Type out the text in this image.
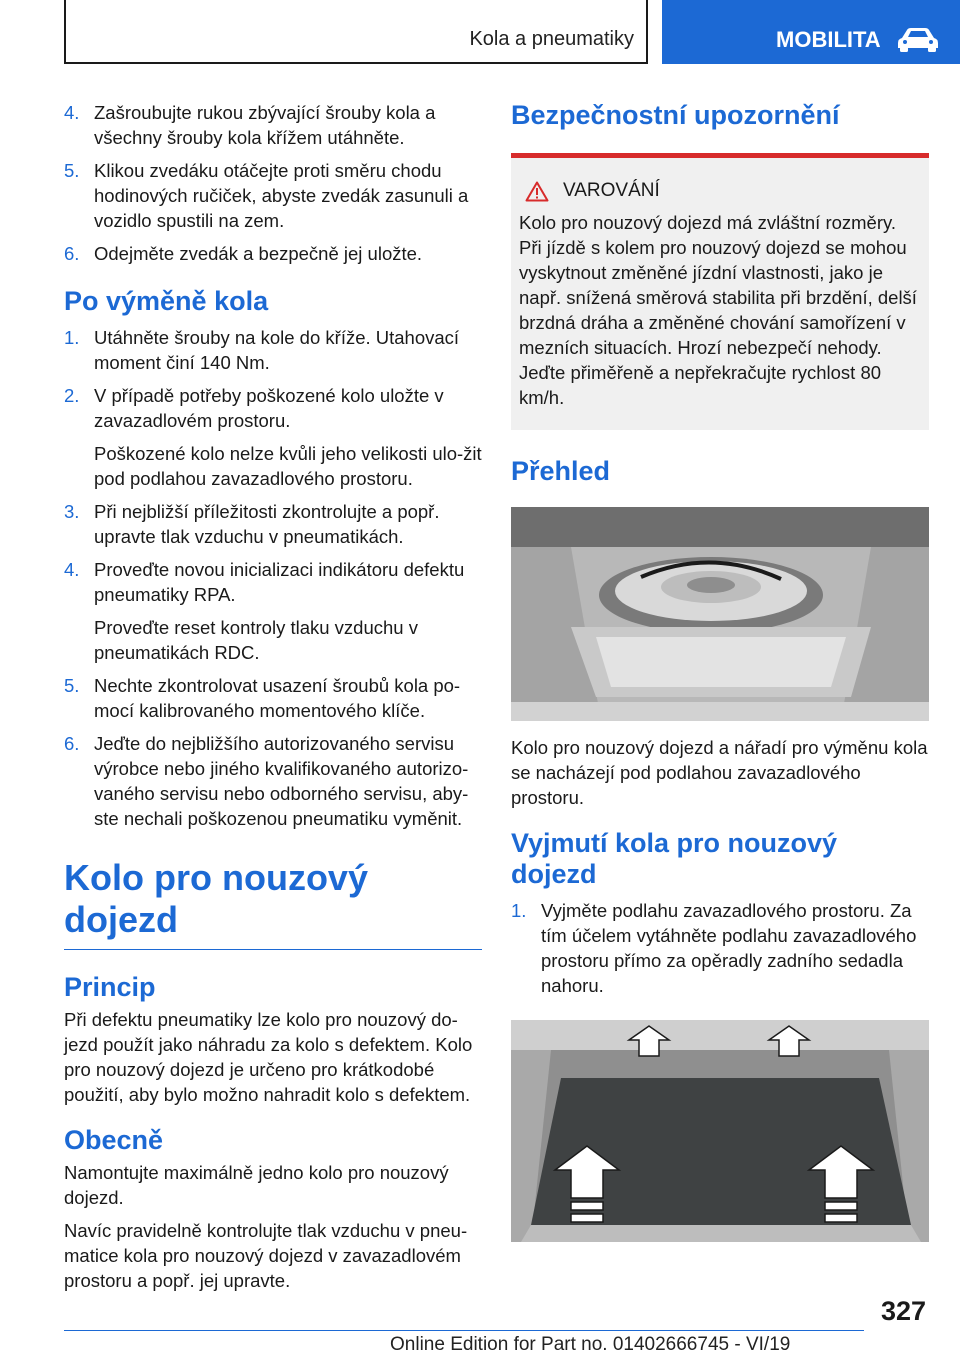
Kola a pneumatiky	MOBILITA
4. Zašroubujte rukou zbývající šrouby kola a všechny šrouby kola křížem utáhněte.
5. Klikou zvedáku otáčejte proti směru chodu hodinových ručiček, abyste zvedák zasunuli a vozidlo spustili na zem.
6. Odejměte zvedák a bezpečně jej uložte.
Po výměně kola
1. Utáhněte šrouby na kole do kříže. Utahovací moment činí 140 Nm.
2. V případě potřeby poškozené kolo uložte v zavazadlovém prostoru.
Poškozené kolo nelze kvůli jeho velikosti ulo‐žit pod podlahou zavazadlového prostoru.
3. Při nejbližší příležitosti zkontrolujte a popř. upravte tlak vzduchu v pneumatikách.
4. Proveďte novou inicializaci indikátoru defektu pneumatiky RPA.
Proveďte reset kontroly tlaku vzduchu v pneumatikách RDC.
5. Nechte zkontrolovat usazení šroubů kola po‐mocí kalibrovaného momentového klíče.
6. Jeďte do nejbližšího autorizovaného servisu výrobce nebo jiného kvalifikovaného autorizo‐vaného servisu nebo odborného servisu, aby‐ste nechali poškozenou pneumatiku vyměnit.
Kolo pro nouzový dojezd
Princip

Při defektu pneumatiky lze kolo pro nouzový do‐jezd použít jako náhradu za kolo s defektem. Kolo pro nouzový dojezd je určeno pro krátkodobé použití, aby bylo možno nahradit kolo s defektem.

Obecně

Namontujte maximálně jedno kolo pro nouzový dojezd.

Navíc pravidelně kontrolujte tlak vzduchu v pneu‐matice kola pro nouzový dojezd v zavazadlovém prostoru a popř. jej upravte.

Bezpečnostní upozornění
VAROVÁNÍ
Kolo pro nouzový dojezd má zvláštní rozměry. Při jízdě s kolem pro nouzový dojezd se mohou vyskytnout změněné jízdní vlastnosti, jako je např. snížená směrová stabilita při brzdění, delší brzdná dráha a změněné chování samořízení v mezních situacích. Hrozí nebezpečí nehody. Jeďte přiměřeně a nepřekračujte rychlost 80 km/h.
Přehled

Kolo pro nouzový dojezd a nářadí pro výměnu kola se nacházejí pod podlahou zavazadlového prostoru.

Vyjmutí kola pro nouzový dojezd
1. Vyjměte podlahu zavazadlového prostoru. Za tím účelem vytáhněte podlahu zavazadlového prostoru přímo za opěradly zadního sedadla nahoru.
327
Online Edition for Part no. 01402666745 - VI/19
